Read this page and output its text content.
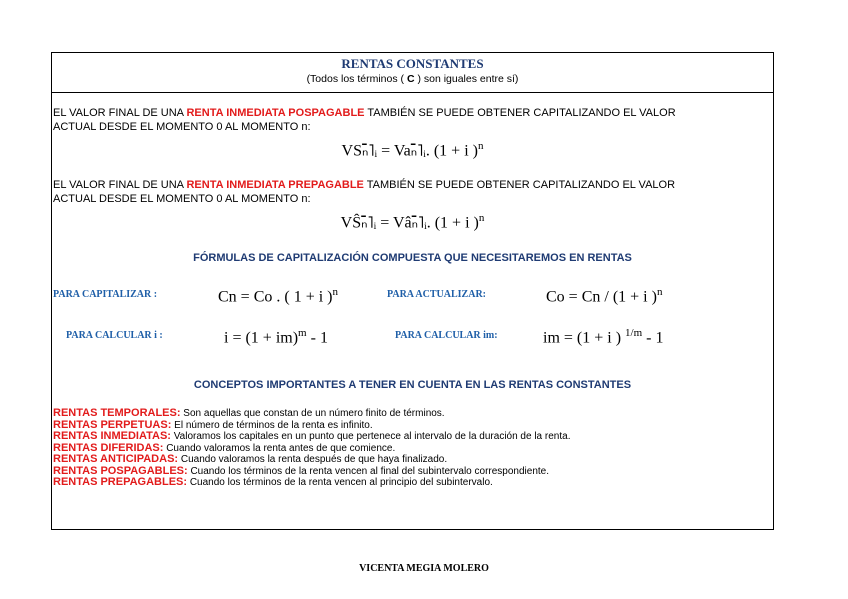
RENTAS CONSTANTES
(Todos los términos ( C ) son iguales entre sí)
EL VALOR FINAL DE UNA RENTA INMEDIATA POSPAGABLE TAMBIÉN SE PUEDE OBTENER CAPITALIZANDO EL VALOR
ACTUAL DESDE EL MOMENTO 0 AL MOMENTO n:
VSₙ̄˥ᵢ = Vaₙ̄˥ᵢ. (1 + i )$^n$
EL VALOR FINAL DE UNA RENTA INMEDIATA PREPAGABLE TAMBIÉN SE PUEDE OBTENER CAPITALIZANDO EL VALOR
ACTUAL DESDE EL MOMENTO 0 AL MOMENTO n:
VŜₙ̄˥ᵢ = Vâₙ̄˥ᵢ. (1 + i )$^n$
FÓRMULAS DE CAPITALIZACIÓN COMPUESTA QUE NECESITAREMOS EN RENTAS
PARA CAPITALIZAR :	Cn = Co . ( 1 + i )$^n$	PARA ACTUALIZAR:	Co = Cn / (1 + i )$^n$
PARA CALCULAR i :	i = (1 + im)$^m$ - 1	PARA CALCULAR im:	im = (1 + i ) $^{1/m}$ - 1
CONCEPTOS IMPORTANTES A TENER EN CUENTA EN LAS RENTAS CONSTANTES
RENTAS TEMPORALES: Son aquellas que constan de un número finito de términos.
RENTAS PERPETUAS: El número de términos de la renta es infinito.
RENTAS INMEDIATAS: Valoramos los capitales en un punto que pertenece al intervalo de la duración de la renta.
RENTAS DIFERIDAS: Cuando valoramos la renta antes de que comience.
RENTAS ANTICIPADAS: Cuando valoramos la renta después de que haya finalizado.
RENTAS POSPAGABLES: Cuando los términos de la renta vencen al final del subintervalo correspondiente.
RENTAS PREPAGABLES: Cuando los términos de la renta vencen al principio del subintervalo.
VICENTA MEGIA MOLERO
